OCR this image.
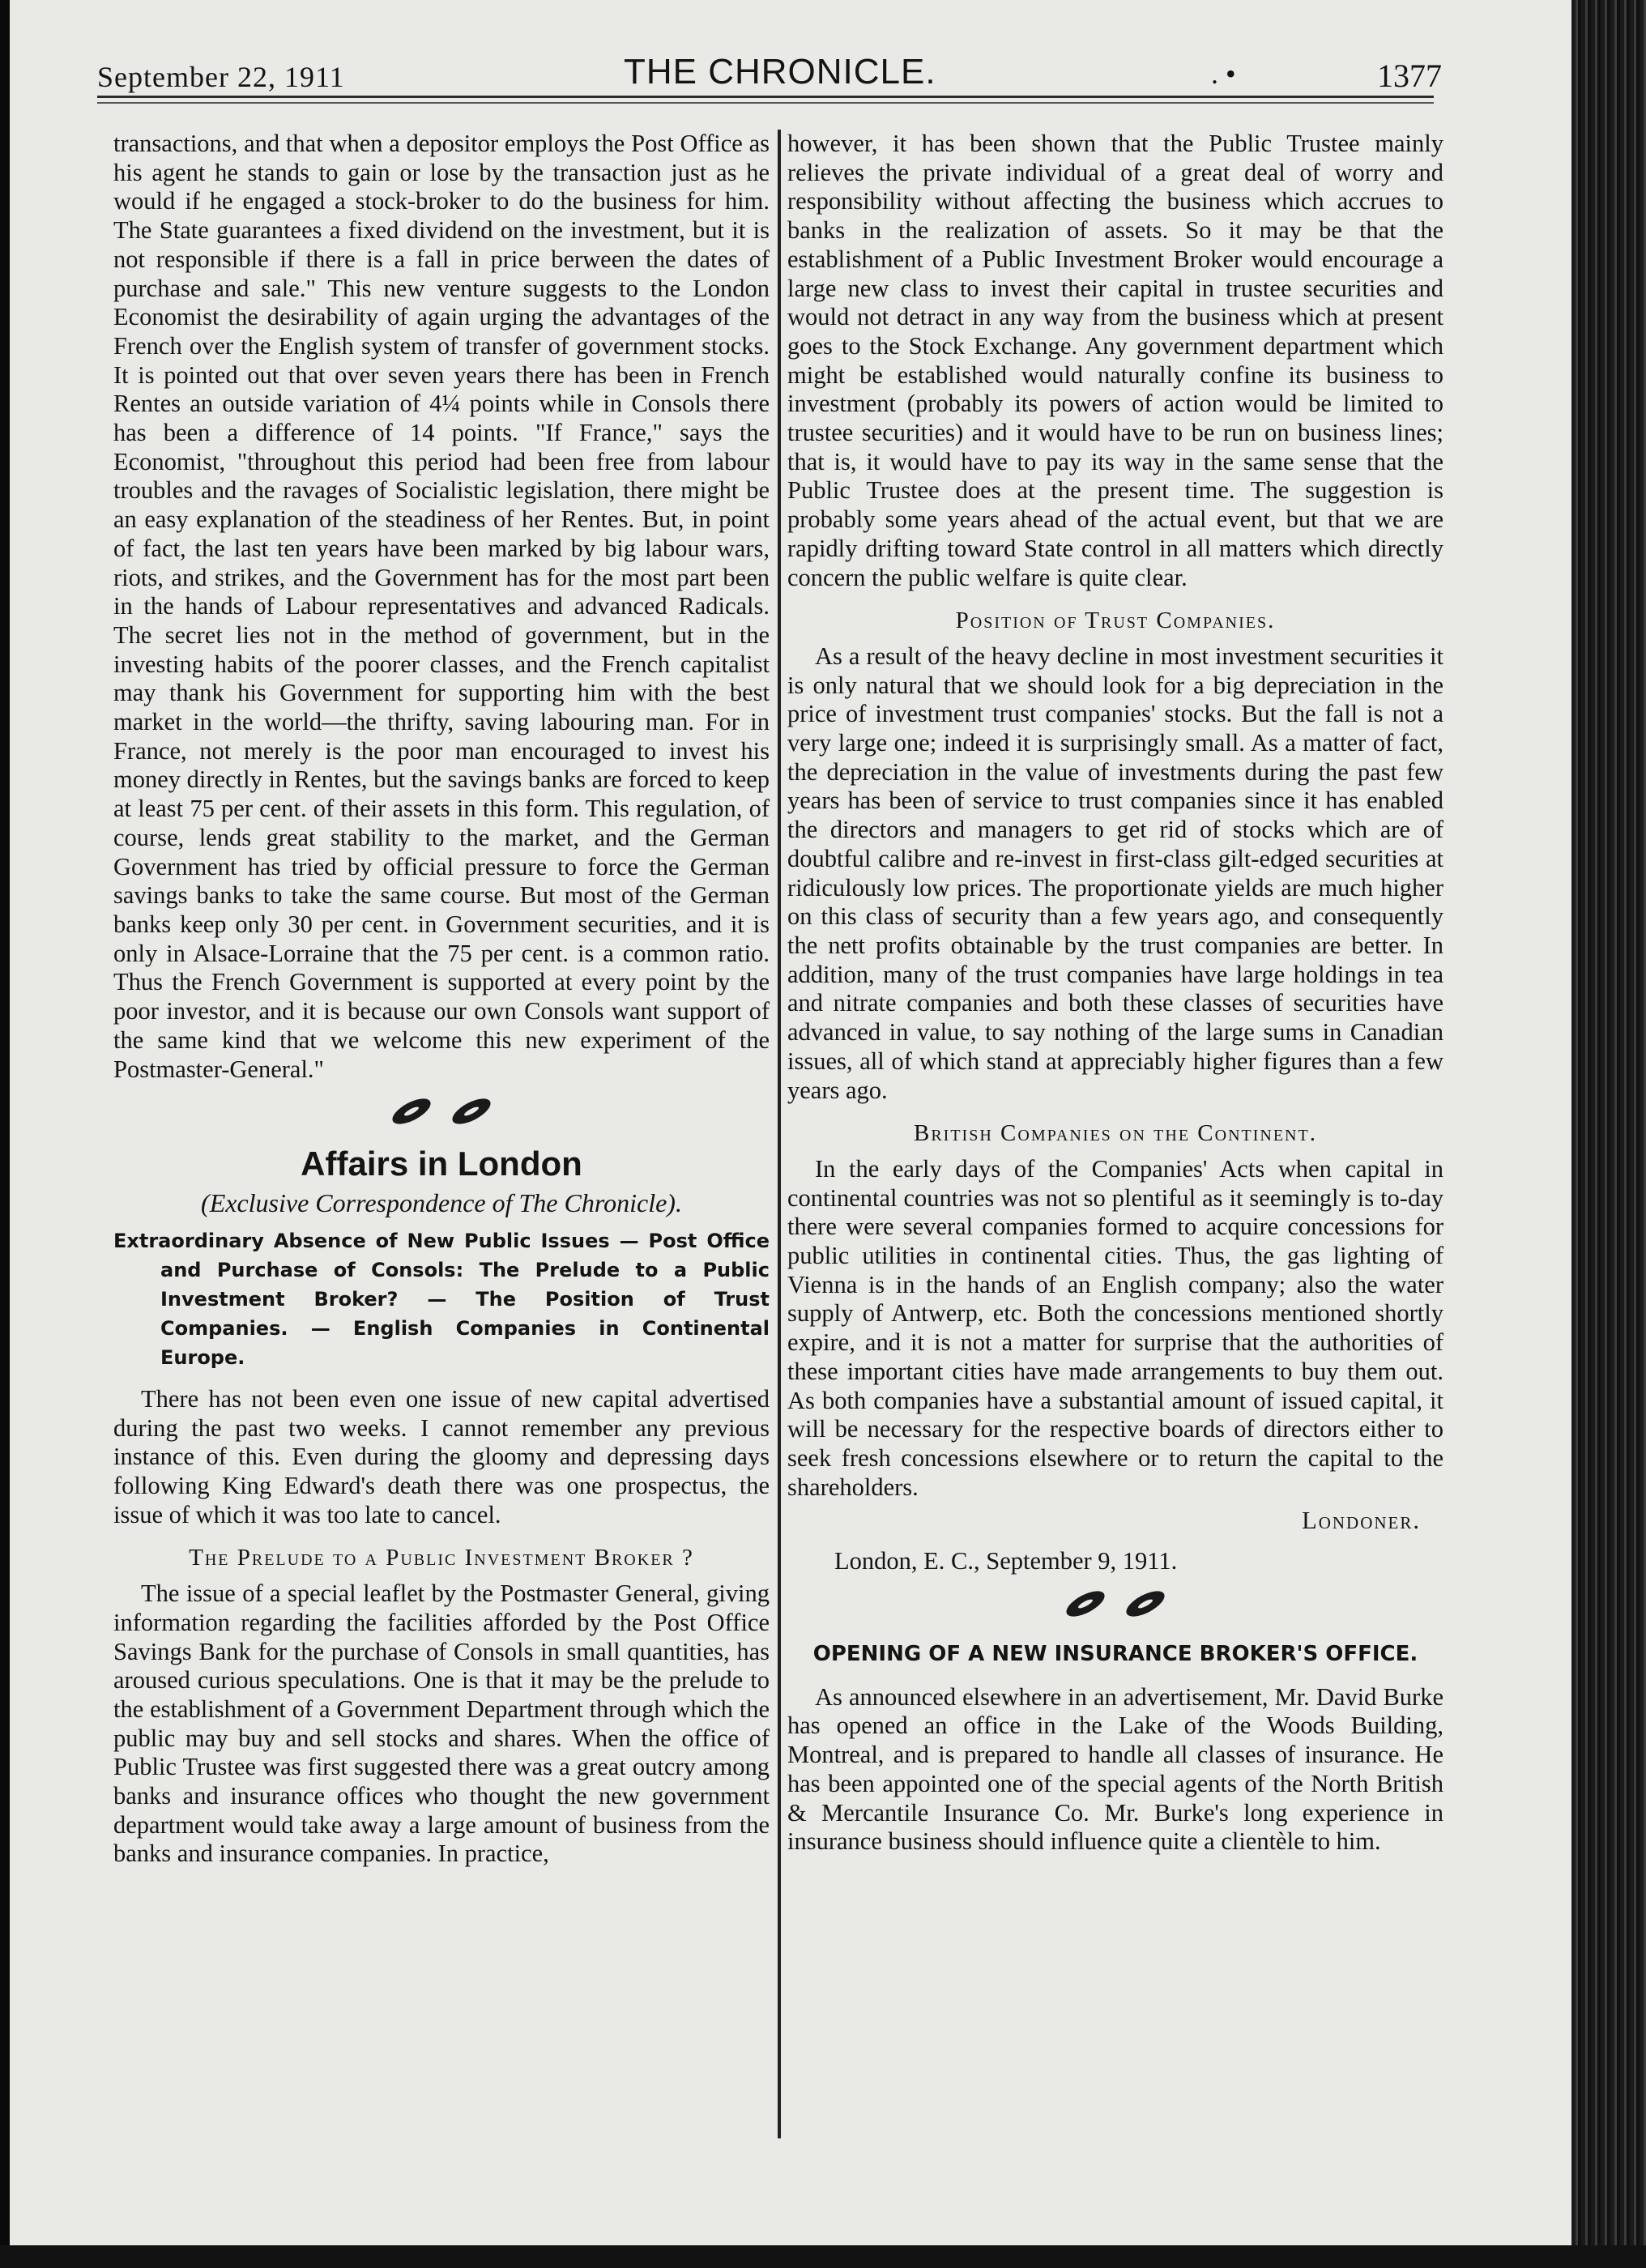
September 22, 1911	THE CHRONICLE.	. •	1377

transactions, and that when a depositor employs the Post Office as his agent he stands to gain or lose by the transaction just as he would if he engaged a stock-broker to do the business for him. The State guarantees a fixed dividend on the investment, but it is not responsible if there is a fall in price berween the dates of purchase and sale." This new venture suggests to the London Economist the desirability of again urging the advantages of the French over the English system of transfer of government stocks. It is pointed out that over seven years there has been in French Rentes an outside variation of 4¼ points while in Consols there has been a difference of 14 points. "If France," says the Economist, "throughout this period had been free from labour troubles and the ravages of Socialistic legislation, there might be an easy explanation of the steadiness of her Rentes. But, in point of fact, the last ten years have been marked by big labour wars, riots, and strikes, and the Government has for the most part been in the hands of Labour representatives and advanced Radicals. The secret lies not in the method of government, but in the investing habits of the poorer classes, and the French capitalist may thank his Government for supporting him with the best market in the world—the thrifty, saving labouring man. For in France, not merely is the poor man encouraged to invest his money directly in Rentes, but the savings banks are forced to keep at least 75 per cent. of their assets in this form. This regulation, of course, lends great stability to the market, and the German Government has tried by official pressure to force the German savings banks to take the same course. But most of the German banks keep only 30 per cent. in Government securities, and it is only in Alsace-Lorraine that the 75 per cent. is a common ratio. Thus the French Government is supported at every point by the poor investor, and it is because our own Consols want support of the same kind that we welcome this new experiment of the Postmaster-General."

Affairs in London
(Exclusive Correspondence of The Chronicle).

Extraordinary Absence of New Public Issues — Post Office and Purchase of Consols: The Prelude to a Public Investment Broker? — The Position of Trust Companies. — English Companies in Continental Europe.

There has not been even one issue of new capital advertised during the past two weeks. I cannot remember any previous instance of this. Even during the gloomy and depressing days following King Edward's death there was one prospectus, the issue of which it was too late to cancel.

The Prelude to a Public Investment Broker ?

The issue of a special leaflet by the Postmaster General, giving information regarding the facilities afforded by the Post Office Savings Bank for the purchase of Consols in small quantities, has aroused curious speculations. One is that it may be the prelude to the establishment of a Government Department through which the public may buy and sell stocks and shares. When the office of Public Trustee was first suggested there was a great outcry among banks and insurance offices who thought the new government department would take away a large amount of business from the banks and insurance companies. In practice,

however, it has been shown that the Public Trustee mainly relieves the private individual of a great deal of worry and responsibility without affecting the business which accrues to banks in the realization of assets. So it may be that the establishment of a Public Investment Broker would encourage a large new class to invest their capital in trustee securities and would not detract in any way from the business which at present goes to the Stock Exchange. Any government department which might be established would naturally confine its business to investment (probably its powers of action would be limited to trustee securities) and it would have to be run on business lines; that is, it would have to pay its way in the same sense that the Public Trustee does at the present time. The suggestion is probably some years ahead of the actual event, but that we are rapidly drifting toward State control in all matters which directly concern the public welfare is quite clear.

Position of Trust Companies.

As a result of the heavy decline in most investment securities it is only natural that we should look for a big depreciation in the price of investment trust companies' stocks. But the fall is not a very large one; indeed it is surprisingly small. As a matter of fact, the depreciation in the value of investments during the past few years has been of service to trust companies since it has enabled the directors and managers to get rid of stocks which are of doubtful calibre and re-invest in first-class gilt-edged securities at ridiculously low prices. The proportionate yields are much higher on this class of security than a few years ago, and consequently the nett profits obtainable by the trust companies are better. In addition, many of the trust companies have large holdings in tea and nitrate companies and both these classes of securities have advanced in value, to say nothing of the large sums in Canadian issues, all of which stand at appreciably higher figures than a few years ago.

British Companies on the Continent.

In the early days of the Companies' Acts when capital in continental countries was not so plentiful as it seemingly is to-day there were several companies formed to acquire concessions for public utilities in continental cities. Thus, the gas lighting of Vienna is in the hands of an English company; also the water supply of Antwerp, etc. Both the concessions mentioned shortly expire, and it is not a matter for surprise that the authorities of these important cities have made arrangements to buy them out. As both companies have a substantial amount of issued capital, it will be necessary for the respective boards of directors either to seek fresh concessions elsewhere or to return the capital to the shareholders.

Londoner.
London, E. C., September 9, 1911.
OPENING OF A NEW INSURANCE BROKER'S OFFICE.

As announced elsewhere in an advertisement, Mr. David Burke has opened an office in the Lake of the Woods Building, Montreal, and is prepared to handle all classes of insurance. He has been appointed one of the special agents of the North British & Mercantile Insurance Co. Mr. Burke's long experience in insurance business should influence quite a clientèle to him.
